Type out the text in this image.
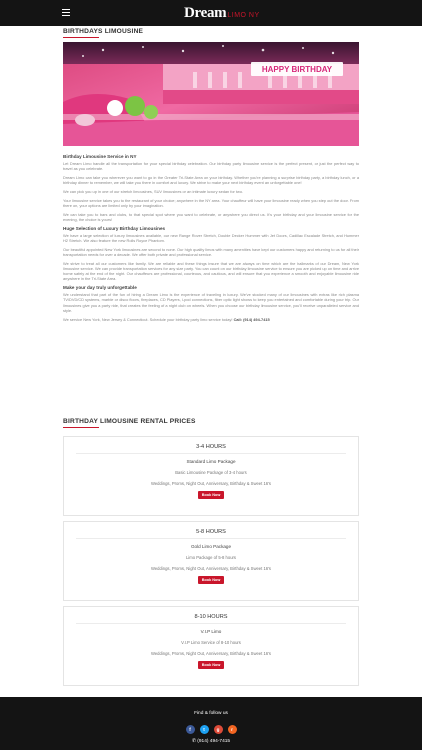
DreamLIMO NY
BIRTHDAYS LIMOUSINE
HAPPY BIRTHDAY
Birthday Limousine Service in NY

Let Dream Limo handle all the transportation for your special birthday celebration. Our birthday party limousine service is the perfect present, or just the perfect way to travel as you celebrate.

Dream Limo can take you wherever you want to go in the Greater Tri-State Area on your birthday. Whether you're planning a surprise birthday party, a birthday lunch, or a birthday dinner to remember, we will take you there in comfort and luxury. We strive to make your next birthday event an unforgettable one!

We can pick you up in one of our stretch limousines, SUV limousines or an intimate luxury sedan for two.

Your limousine service takes you to the restaurant of your choice; anywhere in the NY area. Your chauffeur will have your limousine ready when you step out the door. From there on, your options are limited only by your imagination.

We can take you to bars and clubs, to that special spot where you want to celebrate, or anywhere you direct us. It's your birthday and your limousine service for the evening, the choice is yours!

Huge Selection of Luxury Birthday Limousines

We have a large selection of luxury limousines available, our new Range Rover Stretch, Double Decker Hummer with Jet Doors, Cadillac Escalade Stretch, and Hummer H2 Stretch. We also feature the new Rolls Royce Phantom.

Our beautiful appointed New York limousines are second to none. Our high quality limos with many amenities have kept our customers happy and returning to us for all their transportation needs for over a decade. We offer both private and professional service.

We strive to treat all our customers like family. We are reliable and these things insure that we are always on time which are the hallmarks of our Dream, New York limousine service. We can provide transportation services for any size party. You can count on our birthday limousine service to ensure you are picked up on time and arrive home safely at the end of the night. Our chauffeurs are professional, courteous, and cautious, and will ensure that you experience a smooth and enjoyable limousine ride anywhere in the Tri-State Area.

Make your day truly unforgettable

We understand that part of the fun of hiring a Dream Limo is the experience of traveling in luxury. We've stocked many of our limousines with extras like rich plasma TV/DVD/CD systems, marble or disco floors, fireplaces, CD Players, i-pod connections, fiber optic light shows to keep you entertained and comfortable during your trip. Our limousines give you a party ride, that creates the feeling of a night club on wheels. When you choose our birthday limousine service, you'll receive unparalleled service and style.

We service New York, New Jersey & Connecticut. Schedule your birthday party limo service today! Call: (914) 494-7415

BIRTHDAY LIMOUSINE RENTAL PRICES
3-4 HOURS
Standard Limo Package
Basic Limousine Package of 3-4 hours
Weddings, Proms, Night Out, Anniversary, Birthday & Sweet 16's
Book Now
5-8 HOURS
Gold Limo Package
Limo Package of 5-8 hours
Weddings, Proms, Night Out, Anniversary, Birthday & Sweet 16's
Book Now
8-10 HOURS
V.I.P Limo
V.I.P Limo Service of 8-10 hours
Weddings, Proms, Night Out, Anniversary, Birthday & Sweet 16's
Book Now
Find & follow us
f	t	g	r
✆ (914) 494-7415
